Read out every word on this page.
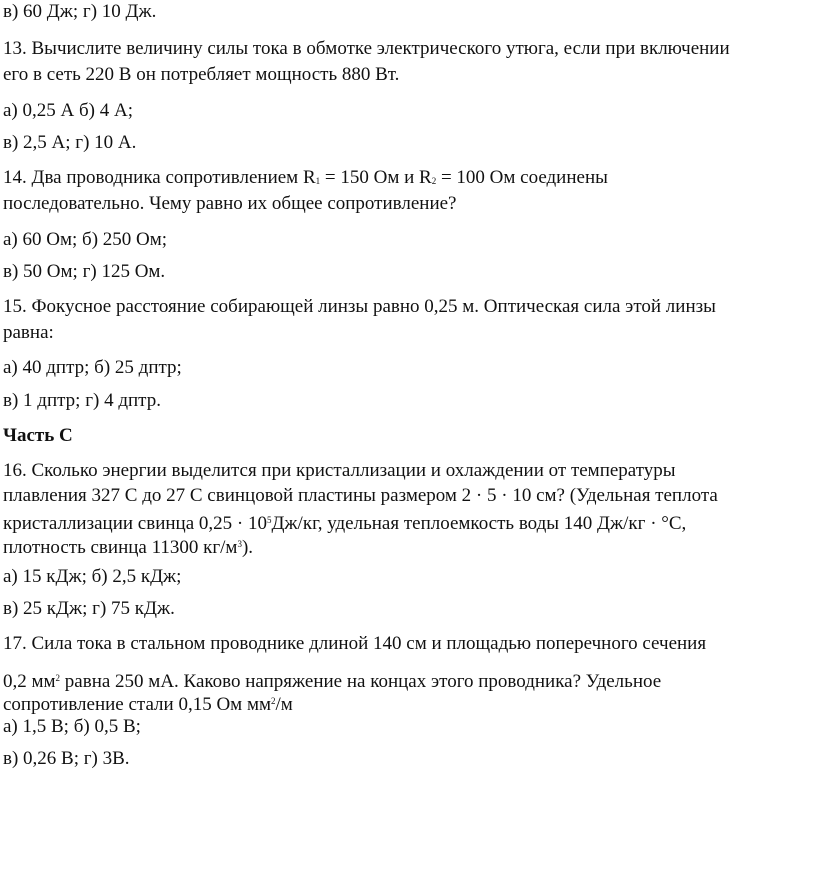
в) 60 Дж; г) 10 Дж.
13. Вычислите величину силы тока в обмотке электрического утюга, если при включении
его в сеть 220 В он потребляет мощность 880 Вт.
а) 0,25 А б) 4 А;
в) 2,5 А; г) 10 А.
14. Два проводника сопротивлением $R_1 = 150$ Ом и $R_2 = 100$ Ом соединены
последовательно. Чему равно их общее сопротивление?
а) 60 Ом; б) 250 Ом;
в) 50 Ом; г) 125 Ом.
15. Фокусное расстояние собирающей линзы равно 0,25 м. Оптическая сила этой линзы
равна:
а) 40 дптр; б) 25 дптр;
в) 1 дптр; г) 4 дптр.
Часть С
16. Сколько энергии выделится при кристаллизации и охлаждении от температуры
плавления 327 С до 27 С свинцовой пластины размером 2 · 5 · 10 см? (Удельная теплота
кристаллизации свинца $0,25 \cdot 10^5Дж/кг$, удельная теплоемкость воды 140 Дж/кг · °С,
плотность свинца 11300 $кг/м^3$).
а) 15 кДж; б) 2,5 кДж;
в) 25 кДж; г) 75 кДж.
17. Сила тока в стальном проводнике длиной 140 см и площадью поперечного сечения
0,2 $мм^2$ равна 250 мА. Каково напряжение на концах этого проводника? Удельное
сопротивление стали 0,15 Ом $мм^2/м$
а) 1,5 В; б) 0,5 В;
в) 0,26 В; г) 3В.
